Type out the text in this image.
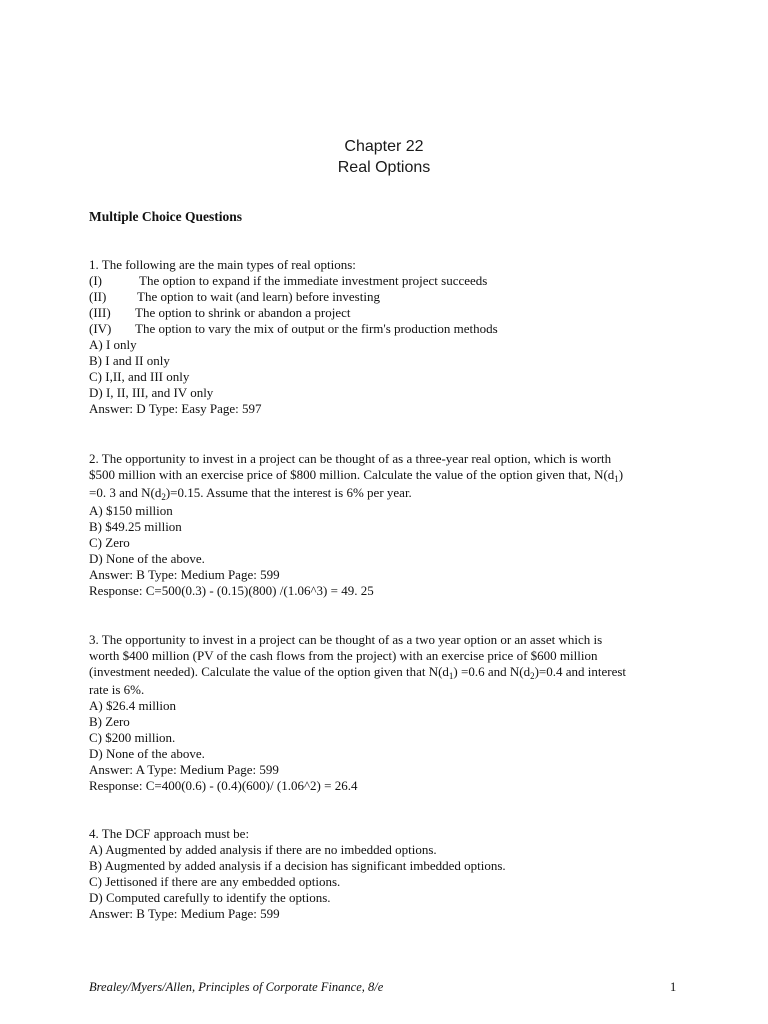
Chapter 22
Real Options
Multiple Choice Questions
1. The following are the main types of real options:
(I)	The option to expand if the immediate investment project succeeds
(II) The option to wait (and learn) before investing
(III) The option to shrink or abandon a project
(IV) The option to vary the mix of output or the firm's production methods
A) I only
B) I and II only
C) I,II, and III only
D) I, II, III, and IV only
Answer: D Type: Easy Page: 597
2. The opportunity to invest in a project can be thought of as a three-year real option, which is worth
$500 million with an exercise price of $800 million. Calculate the value of the option given that, $N(d_1)$
=0. 3 and $N(d_2)=0.15$. Assume that the interest is 6% per year.
A) $150 million
B) $49.25 million
C) Zero
D) None of the above.
Answer: B Type: Medium Page: 599
Response: C=500(0.3) - (0.15)(800) /(1.06^3) = 49. 25
3. The opportunity to invest in a project can be thought of as a two year option or an asset which is
worth $400 million (PV of the cash flows from the project) with an exercise price of $600 million
(investment needed). Calculate the value of the option given that $N(d_1) =0.6$ and $N(d_2)=0.4$ and interest
rate is 6%.
A) $26.4 million
B) Zero
C) $200 million.
D) None of the above.
Answer: A Type: Medium Page: 599
Response: C=400(0.6) - (0.4)(600)/ (1.06^2) = 26.4
4. The DCF approach must be:
A) Augmented by added analysis if there are no imbedded options.
B) Augmented by added analysis if a decision has significant imbedded options.
C) Jettisoned if there are any embedded options.
D) Computed carefully to identify the options.
Answer: B Type: Medium Page: 599
Brealey/Myers/Allen, Principles of Corporate Finance, 8/e	1
